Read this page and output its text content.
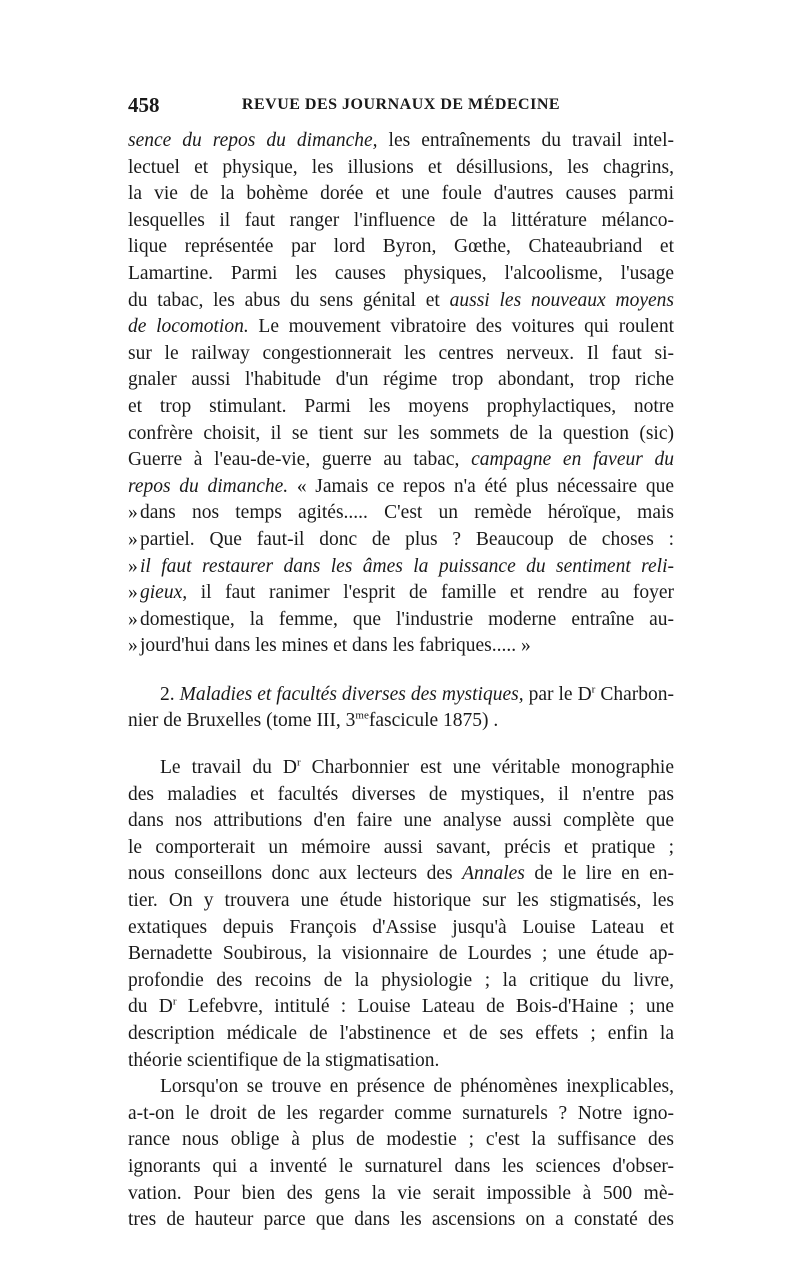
458	REVUE DES JOURNAUX DE MÉDECINE
sence du repos du dimanche, les entraînements du travail intel-
lectuel et physique, les illusions et désillusions, les chagrins,
la vie de la bohème dorée et une foule d'autres causes parmi
lesquelles il faut ranger l'influence de la littérature mélanco-
lique représentée par lord Byron, Gœthe, Chateaubriand et
Lamartine. Parmi les causes physiques, l'alcoolisme, l'usage
du tabac, les abus du sens génital et aussi les nouveaux moyens
de locomotion. Le mouvement vibratoire des voitures qui roulent
sur le railway congestionnerait les centres nerveux. Il faut si-
gnaler aussi l'habitude d'un régime trop abondant, trop riche
et trop stimulant. Parmi les moyens prophylactiques, notre
confrère choisit, il se tient sur les sommets de la question (sic)
Guerre à l'eau-de-vie, guerre au tabac, campagne en faveur du
repos du dimanche. « Jamais ce repos n'a été plus nécessaire que
» dans nos temps agités..... C'est un remède héroïque, mais
» partiel. Que faut-il donc de plus ? Beaucoup de choses :
» il faut restaurer dans les âmes la puissance du sentiment reli-
» gieux, il faut ranimer l'esprit de famille et rendre au foyer
» domestique, la femme, que l'industrie moderne entraîne au-
» jourd'hui dans les mines et dans les fabriques..... »
2. Maladies et facultés diverses des mystiques, par le $D^r$ Charbon-
nier de Bruxelles (tome III, $3^{me}fascicule$ 1875) .
Le travail du $D^r$ Charbonnier est une véritable monographie
des maladies et facultés diverses de mystiques, il n'entre pas
dans nos attributions d'en faire une analyse aussi complète que
le comporterait un mémoire aussi savant, précis et pratique ;
nous conseillons donc aux lecteurs des Annales de le lire en en-
tier. On y trouvera une étude historique sur les stigmatisés, les
extatiques depuis François d'Assise jusqu'à Louise Lateau et
Bernadette Soubirous, la visionnaire de Lourdes ; une étude ap-
profondie des recoins de la physiologie ; la critique du livre,
du $D^r$ Lefebvre, intitulé : Louise Lateau de Bois-d'Haine ; une
description médicale de l'abstinence et de ses effets ; enfin la
théorie scientifique de la stigmatisation.
Lorsqu'on se trouve en présence de phénomènes inexplicables,
a-t-on le droit de les regarder comme surnaturels ? Notre igno-
rance nous oblige à plus de modestie ; c'est la suffisance des
ignorants qui a inventé le surnaturel dans les sciences d'obser-
vation. Pour bien des gens la vie serait impossible à 500 mè-
tres de hauteur parce que dans les ascensions on a constaté des
